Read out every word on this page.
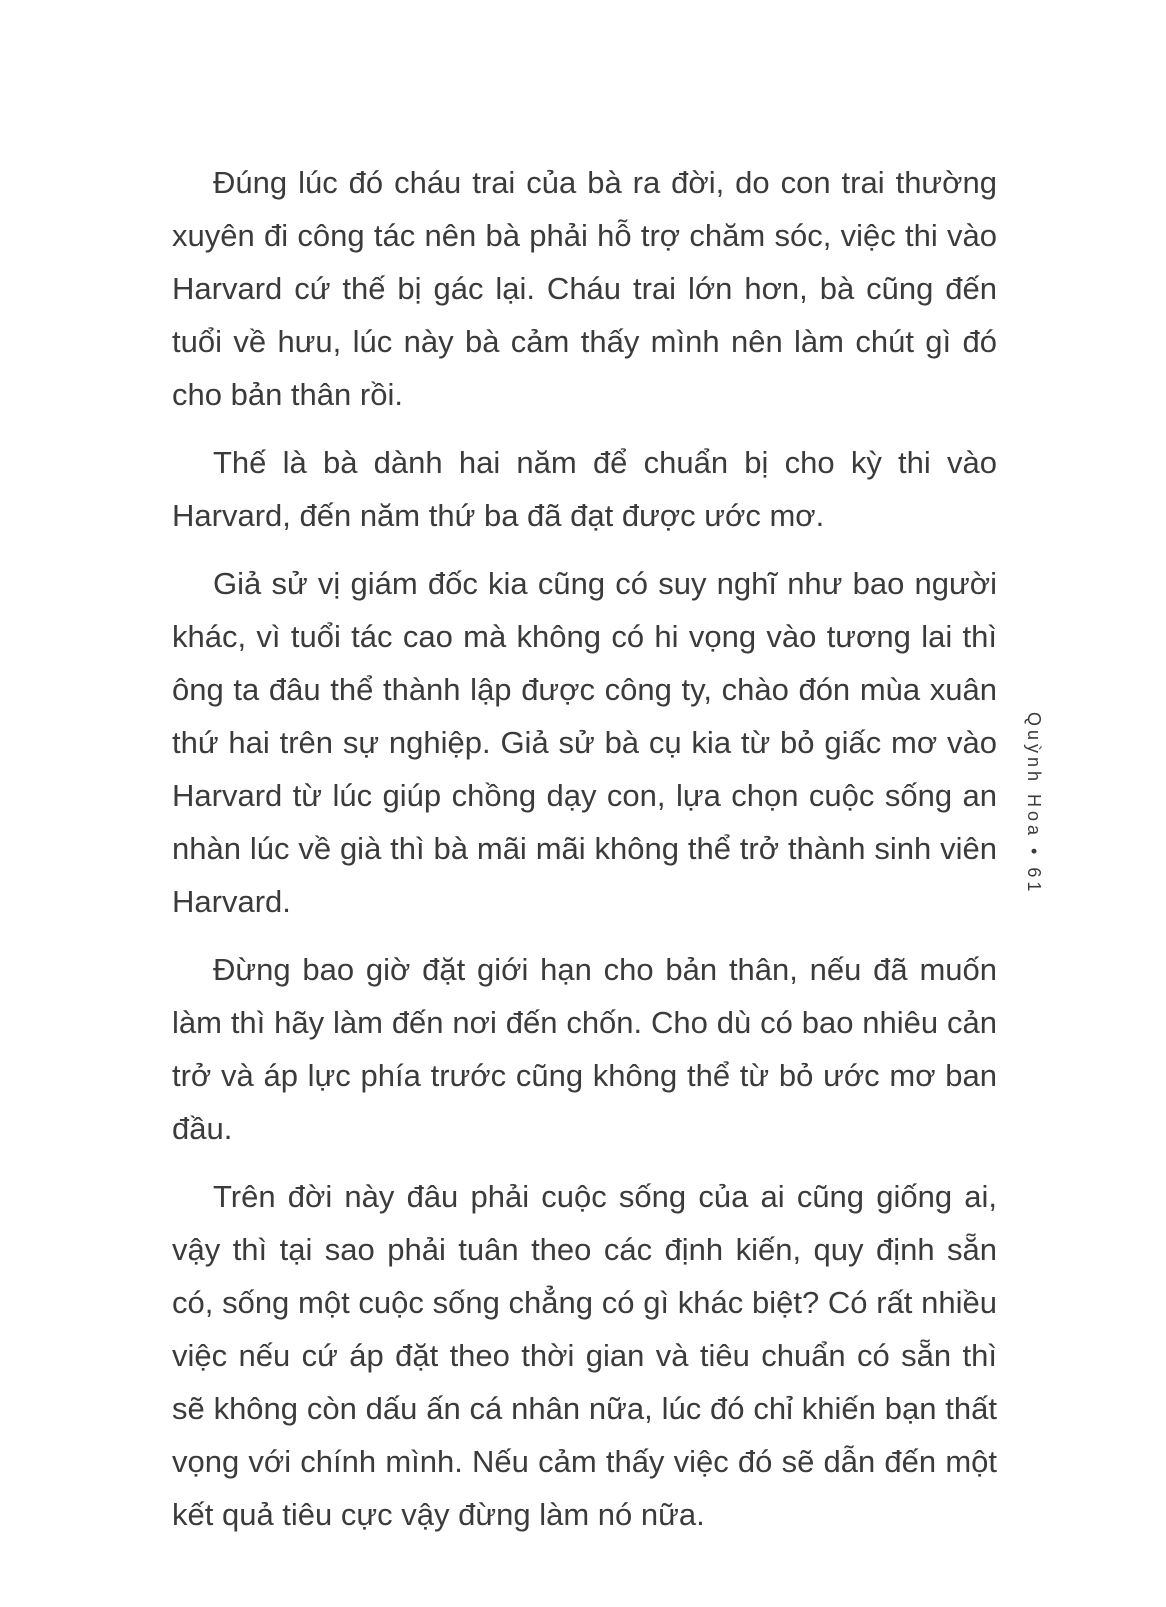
Đúng lúc đó cháu trai của bà ra đời, do con trai thường xuyên đi công tác nên bà phải hỗ trợ chăm sóc, việc thi vào Harvard cứ thế bị gác lại. Cháu trai lớn hơn, bà cũng đến tuổi về hưu, lúc này bà cảm thấy mình nên làm chút gì đó cho bản thân rồi.

Thế là bà dành hai năm để chuẩn bị cho kỳ thi vào Harvard, đến năm thứ ba đã đạt được ước mơ.

Giả sử vị giám đốc kia cũng có suy nghĩ như bao người khác, vì tuổi tác cao mà không có hi vọng vào tương lai thì ông ta đâu thể thành lập được công ty, chào đón mùa xuân thứ hai trên sự nghiệp. Giả sử bà cụ kia từ bỏ giấc mơ vào Harvard từ lúc giúp chồng dạy con, lựa chọn cuộc sống an nhàn lúc về già thì bà mãi mãi không thể trở thành sinh viên Harvard.

Đừng bao giờ đặt giới hạn cho bản thân, nếu đã muốn làm thì hãy làm đến nơi đến chốn. Cho dù có bao nhiêu cản trở và áp lực phía trước cũng không thể từ bỏ ước mơ ban đầu.

Trên đời này đâu phải cuộc sống của ai cũng giống ai, vậy thì tại sao phải tuân theo các định kiến, quy định sẵn có, sống một cuộc sống chẳng có gì khác biệt? Có rất nhiều việc nếu cứ áp đặt theo thời gian và tiêu chuẩn có sẵn thì sẽ không còn dấu ấn cá nhân nữa, lúc đó chỉ khiến bạn thất vọng với chính mình. Nếu cảm thấy việc đó sẽ dẫn đến một kết quả tiêu cực vậy đừng làm nó nữa.

Quỳnh Hoa • 61
